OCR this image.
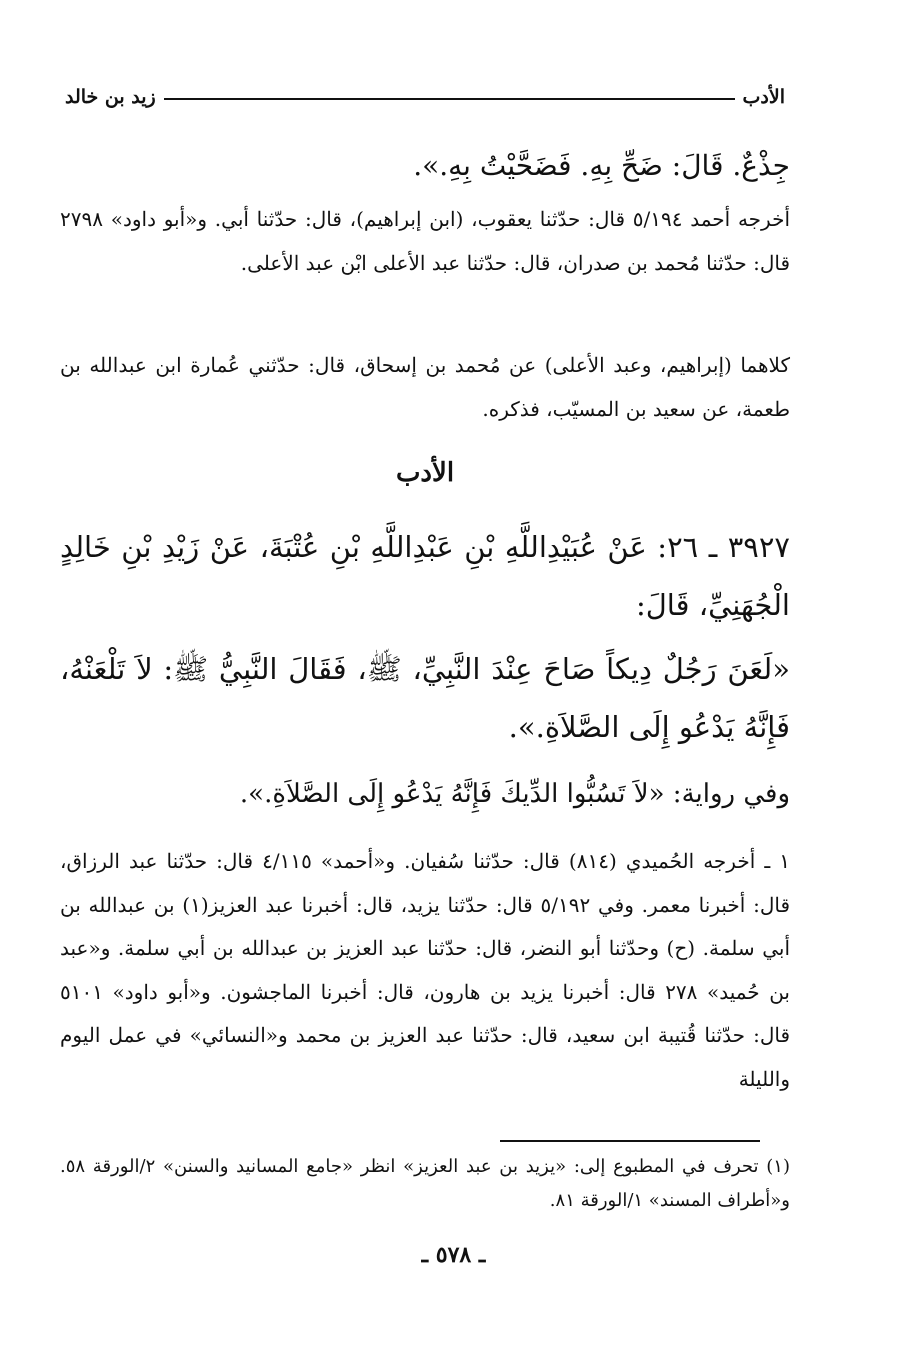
زيد بن خالد	الأدب
جِذْعٌ. قَالَ: ضَحِّ بِهِ. فَضَحَّيْتُ بِهِ.».
أخرجه أحمد ٥/١٩٤ قال: حدّثنا يعقوب، (ابن إبراهيم)، قال: حدّثنا أبي. و«أبو داود» ٢٧٩٨ قال: حدّثنا مُحمد بن صدران، قال: حدّثنا عبد الأعلى ابْن عبد الأعلى.
كلاهما (إبراهيم، وعبد الأعلى) عن مُحمد بن إسحاق، قال: حدّثني عُمارة ابن عبدالله بن طعمة، عن سعيد بن المسيّب، فذكره.
الأدب
٣٩٢٧ ـ ٢٦: عَنْ عُبَيْدِاللَّهِ بْنِ عَبْدِاللَّهِ بْنِ عُتْبَةَ، عَنْ زَيْدِ بْنِ خَالِدٍ الْجُهَنِيِّ، قَالَ:
«لَعَنَ رَجُلٌ دِيكاً صَاحَ عِنْدَ النَّبِيِّ، ﷺ، فَقَالَ النَّبِيُّ ﷺ: لاَ تَلْعَنْهُ، فَإِنَّهُ يَدْعُو إِلَى الصَّلاَةِ.».
وفي رواية: «لاَ تَسُبُّوا الدِّيكَ فَإِنَّهُ يَدْعُو إِلَى الصَّلاَةِ.».
١ ـ أخرجه الحُميدي (٨١٤) قال: حدّثنا سُفيان. و«أحمد» ٤/١١٥ قال: حدّثنا عبد الرزاق، قال: أخبرنا معمر. وفي ٥/١٩٢ قال: حدّثنا يزيد، قال: أخبرنا عبد العزيز(١) بن عبدالله بن أبي سلمة. (ح) وحدّثنا أبو النضر، قال: حدّثنا عبد العزيز بن عبدالله بن أبي سلمة. و«عبد بن حُميد» ٢٧٨ قال: أخبرنا يزيد بن هارون، قال: أخبرنا الماجشون. و«أبو داود» ٥١٠١ قال: حدّثنا قُتيبة ابن سعيد، قال: حدّثنا عبد العزيز بن محمد و«النسائي» في عمل اليوم والليلة
(١) تحرف في المطبوع إلى: «يزيد بن عبد العزيز» انظر «جامع المسانيد والسنن» ٢/الورقة ٥٨. و«أطراف المسند» ١/الورقة ٨١.
ـ ٥٧٨ ـ
